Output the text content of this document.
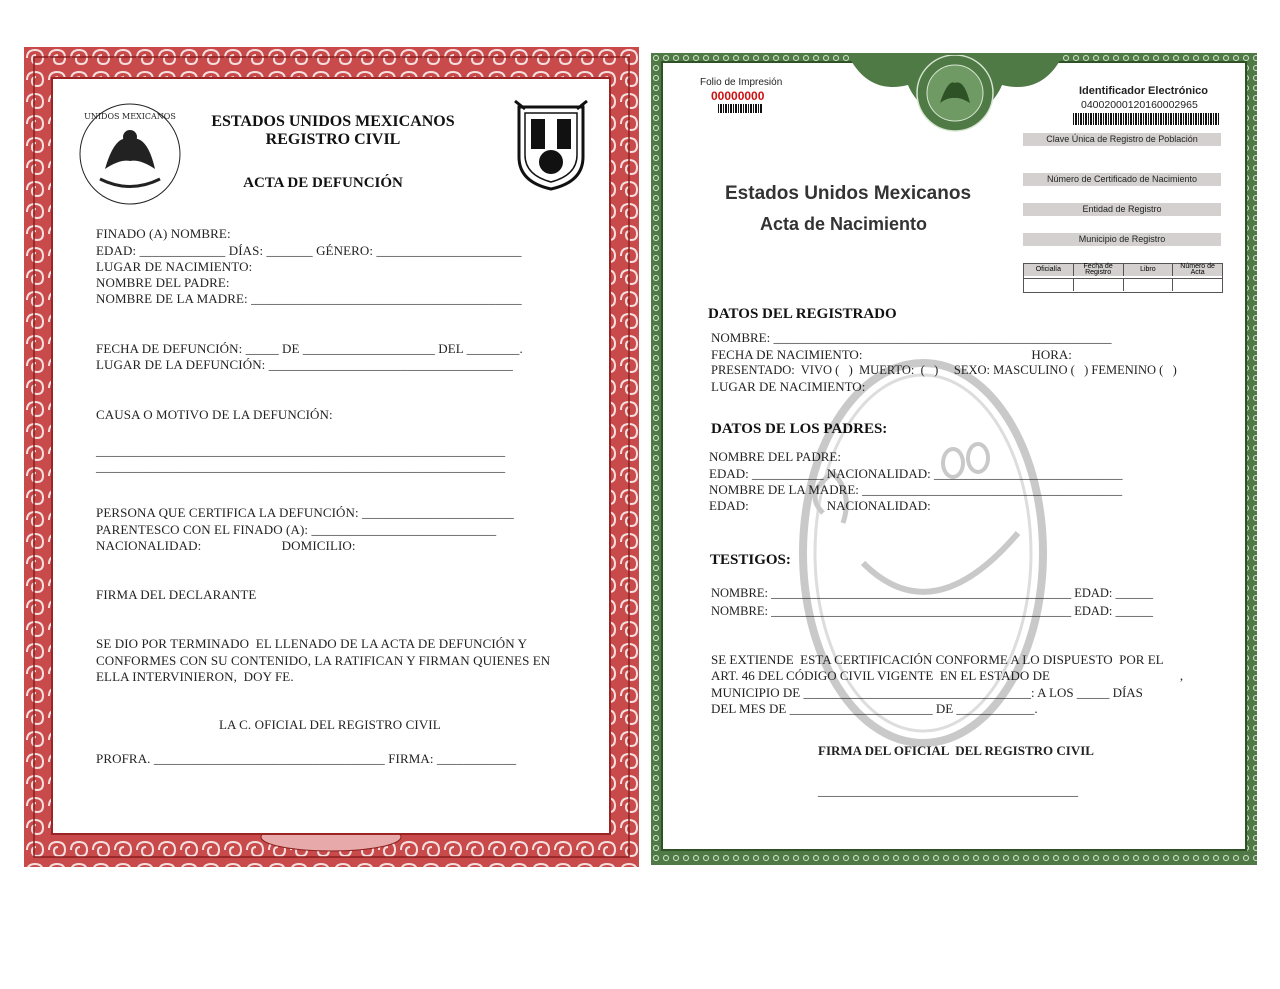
UNIDOS MEXICANOS	ESTADOS UNIDOS MEXICANOS
REGISTRO CIVIL
ACTA DE DEFUNCIÓN
FINADO (A) NOMBRE:
EDAD: _____________ DÍAS: _______ GÉNERO: ______________________
LUGAR DE NACIMIENTO:
NOMBRE DEL PADRE:
NOMBRE DE LA MADRE: _________________________________________
FECHA DE DEFUNCIÓN: _____ DE ____________________ DEL ________.
LUGAR DE LA DEFUNCIÓN: _____________________________________
CAUSA O MOTIVO DE LA DEFUNCIÓN:
______________________________________________________________
______________________________________________________________
PERSONA QUE CERTIFICA LA DEFUNCIÓN: _______________________
PARENTESCO CON EL FINADO (A): ____________________________
NACIONALIDAD:                        DOMICILIO:
FIRMA DEL DECLARANTE
SE DIO POR TERMINADO  EL LLENADO DE LA ACTA DE DEFUNCIÓN Y
CONFORMES CON SU CONTENIDO, LA RATIFICAN Y FIRMAN QUIENES EN
ELLA INTERVINIERON,  DOY FE.
LA C. OFICIAL DEL REGISTRO CIVIL
PROFRA. ___________________________________ FIRMA: ____________
Folio de Impresión
00000000	Identificador Electrónico
04002000120160002965
Clave Única de Registro de Población
Número de Certificado de Nacimiento
Entidad de Registro
Municipio de Registro
Oficialía	Fecha de Registro	Libro	Número de Acta
Estados Unidos Mexicanos
Acta de Nacimiento
DATOS DEL REGISTRADO
NOMBRE: ____________________________________________________
FECHA DE NACIMIENTO:                                                    HORA:
PRESENTADO:  VIVO (   )  MUERTO:  (   )     SEXO: MASCULINO (   ) FEMENINO (   )
LUGAR DE NACIMIENTO:
DATOS DE LOS PADRES:
NOMBRE DEL PADRE:
EDAD: ___________ NACIONALIDAD: _____________________________
NOMBRE DE LA MADRE: ________________________________________
EDAD:                        NACIONALIDAD:
TESTIGOS:
NOMBRE: ________________________________________________ EDAD: ______
NOMBRE: ________________________________________________ EDAD: ______
SE EXTIENDE  ESTA CERTIFICACIÓN CONFORME A LO DISPUESTO  POR EL
ART. 46 DEL CÓDIGO CIVIL VIGENTE  EN EL ESTADO DE                                        ,
MUNICIPIO DE ___________________________________: A LOS _____ DÍAS
DEL MES DE ______________________ DE ____________.
FIRMA DEL OFICIAL  DEL REGISTRO CIVIL
________________________________________
